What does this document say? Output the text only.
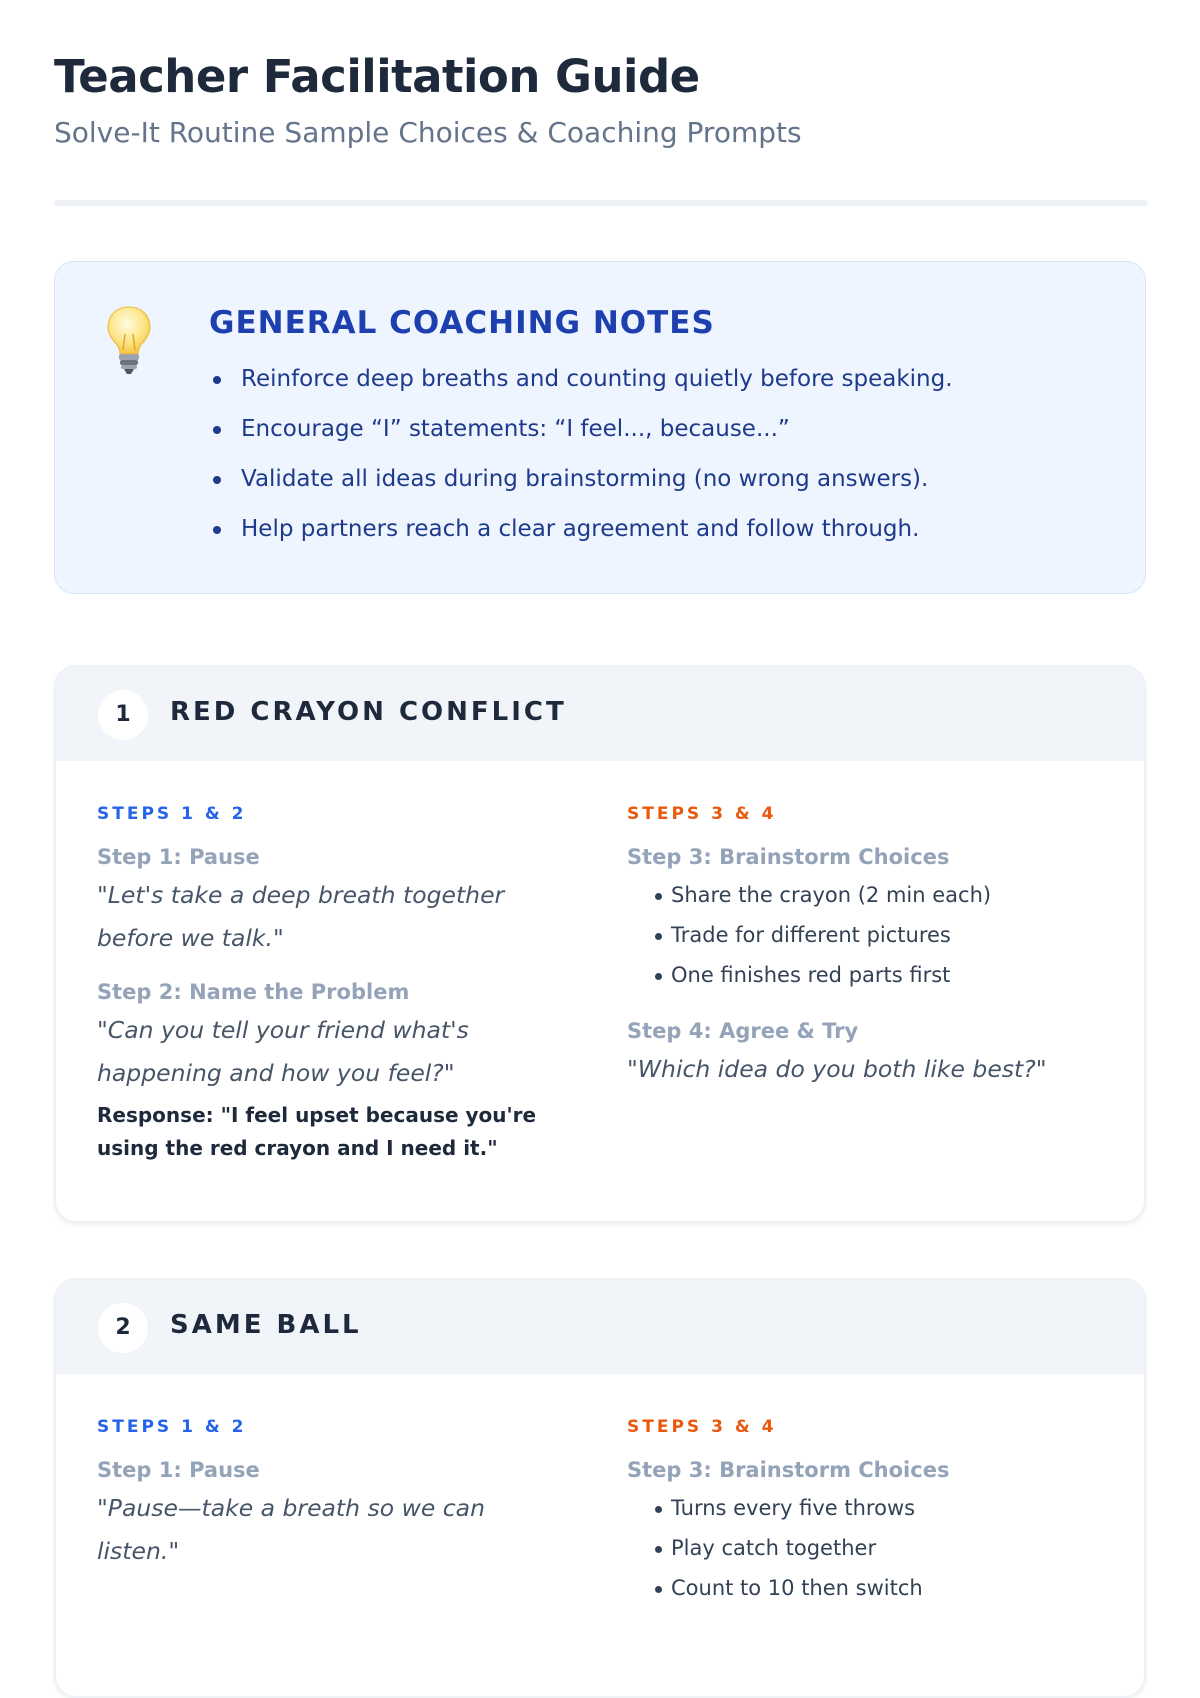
Teacher Facilitation Guide

Solve-It Routine Sample Choices & Coaching Prompts

GENERAL COACHING NOTES
Reinforce deep breaths and counting quietly before speaking.
Encourage “I” statements: “I feel..., because...”
Validate all ideas during brainstorming (no wrong answers).
Help partners reach a clear agreement and follow through.
1	RED CRAYON CONFLICT
STEPS 1 & 2
Step 1: Pause
"Let's take a deep breath together before we talk."
Step 2: Name the Problem
"Can you tell your friend what's happening and how you feel?"
Response: "I feel upset because you're using the red crayon and I need it."
STEPS 3 & 4
Step 3: Brainstorm Choices
Share the crayon (2 min each)
Trade for different pictures
One finishes red parts first
Step 4: Agree & Try
"Which idea do you both like best?"
2	SAME BALL
STEPS 1 & 2
Step 1: Pause
"Pause—take a breath so we can listen."
STEPS 3 & 4
Step 3: Brainstorm Choices
Turns every five throws
Play catch together
Count to 10 then switch
